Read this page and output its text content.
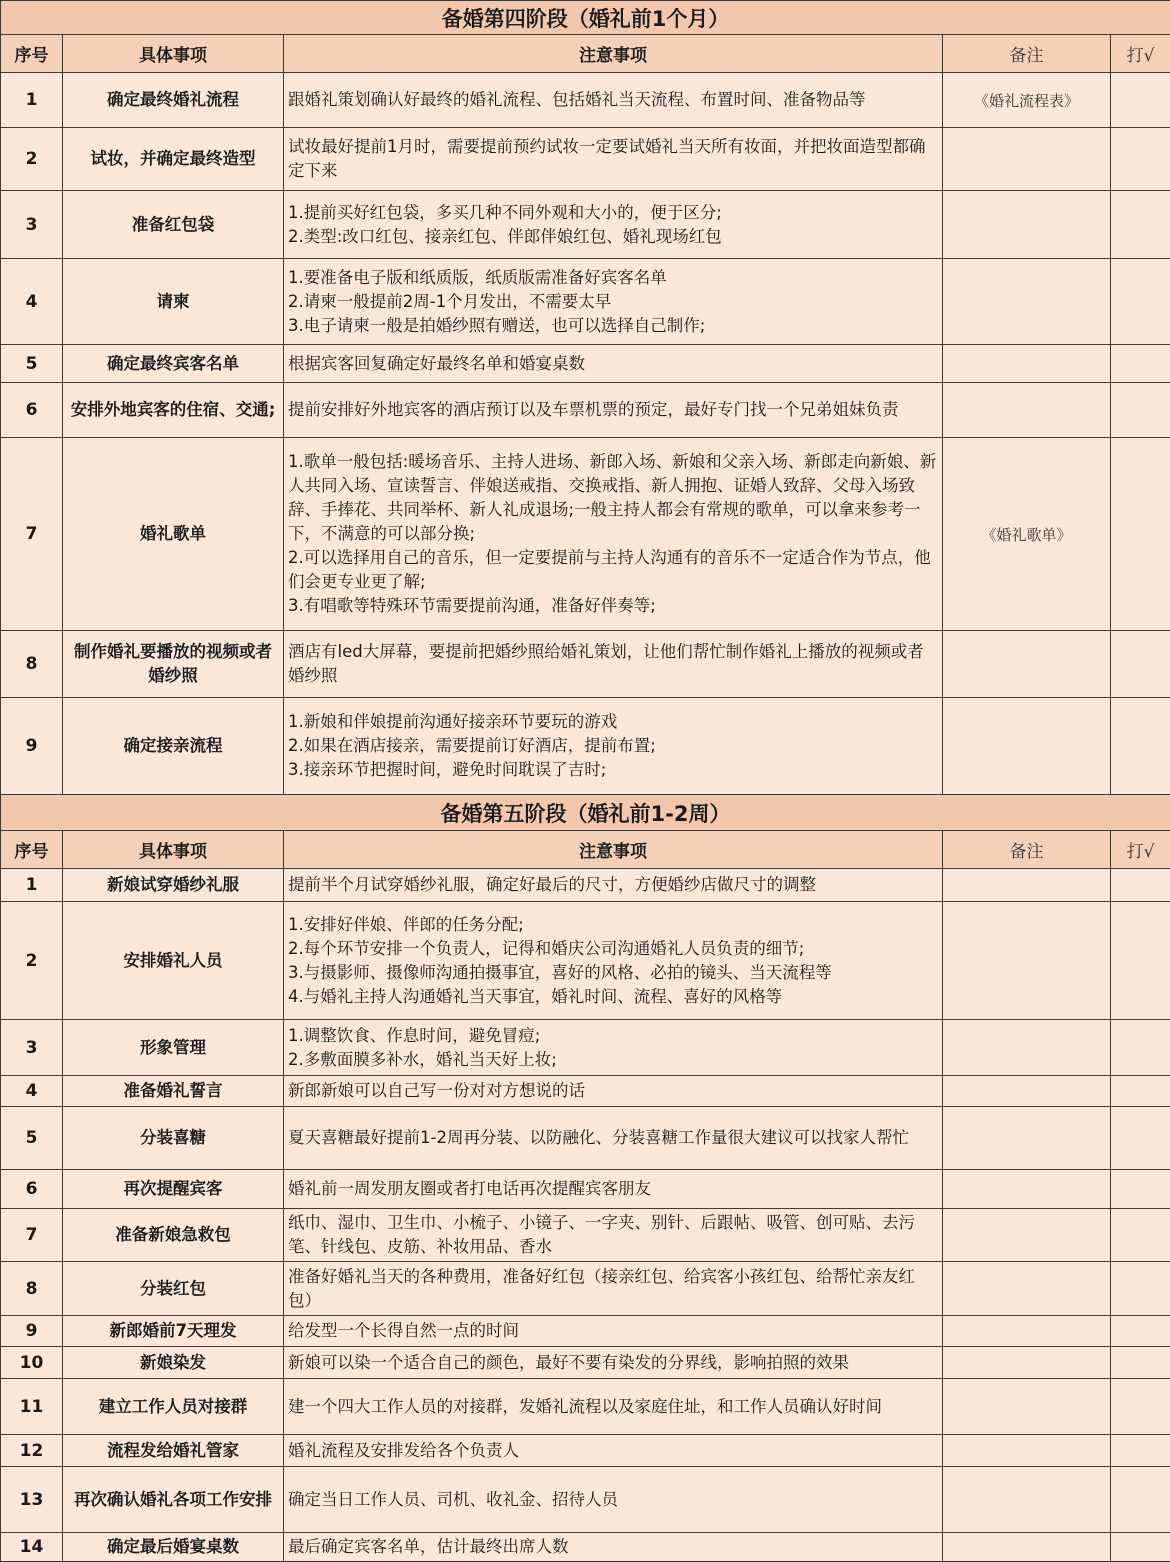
备婚第四阶段（婚礼前1个月）				
序号	具体事项	注意事项	备注	打√
1	确定最终婚礼流程	跟婚礼策划确认好最终的婚礼流程、包括婚礼当天流程、布置时间、准备物品等	《婚礼流程表》	
2	试妆，并确定最终造型	试妆最好提前1月时，需要提前预约试妆一定要试婚礼当天所有妆面，并把妆面造型都确定下来		
3	准备红包袋	1.提前买好红包袋，多买几种不同外观和大小的，便于区分;
2.类型:改口红包、接亲红包、伴郎伴娘红包、婚礼现场红包		
4	请柬	1.要准备电子版和纸质版，纸质版需准备好宾客名单
2.请柬一般提前2周-1个月发出，不需要太早
3.电子请柬一般是拍婚纱照有赠送，也可以选择自己制作;		
5	确定最终宾客名单	根据宾客回复确定好最终名单和婚宴桌数		
6	安排外地宾客的住宿、交通;	提前安排好外地宾客的酒店预订以及车票机票的预定，最好专门找一个兄弟姐妹负责		
7	婚礼歌单	1.歌单一般包括:暖场音乐、主持人进场、新郎入场、新娘和父亲入场、新郎走向新娘、新人共同入场、宣读誓言、伴娘送戒指、交换戒指、新人拥抱、证婚人致辞、父母入场致辞、手捧花、共同举杯、新人礼成退场;一般主持人都会有常规的歌单，可以拿来参考一下，不满意的可以部分换;
2.可以选择用自己的音乐，但一定要提前与主持人沟通有的音乐不一定适合作为节点，他们会更专业更了解;
3.有唱歌等特殊环节需要提前沟通，准备好伴奏等;	《婚礼歌单》	
8	制作婚礼要播放的视频或者婚纱照	酒店有led大屏幕，要提前把婚纱照给婚礼策划，让他们帮忙制作婚礼上播放的视频或者婚纱照		
9	确定接亲流程	1.新娘和伴娘提前沟通好接亲环节要玩的游戏
2.如果在酒店接亲，需要提前订好酒店，提前布置;
3.接亲环节把握时间，避免时间耽误了吉时;		
备婚第五阶段（婚礼前1-2周）				
序号	具体事项	注意事项	备注	打√
1	新娘试穿婚纱礼服	提前半个月试穿婚纱礼服，确定好最后的尺寸，方便婚纱店做尺寸的调整		
2	安排婚礼人员	1.安排好伴娘、伴郎的任务分配;
2.每个环节安排一个负责人，记得和婚庆公司沟通婚礼人员负责的细节;
3.与摄影师、摄像师沟通拍摄事宜，喜好的风格、必拍的镜头、当天流程等
4.与婚礼主持人沟通婚礼当天事宜，婚礼时间、流程、喜好的风格等		
3	形象管理	1.调整饮食、作息时间，避免冒痘;
2.多敷面膜多补水，婚礼当天好上妆;		
4	准备婚礼誓言	新郎新娘可以自己写一份对对方想说的话		
5	分装喜糖	夏天喜糖最好提前1-2周再分装、以防融化、分装喜糖工作量很大建议可以找家人帮忙		
6	再次提醒宾客	婚礼前一周发朋友圈或者打电话再次提醒宾客朋友		
7	准备新娘急救包	纸巾、湿巾、卫生巾、小梳子、小镜子、一字夹、别针、后跟帖、吸管、创可贴、去污笔、针线包、皮筋、补妆用品、香水		
8	分装红包	准备好婚礼当天的各种费用，准备好红包（接亲红包、给宾客小孩红包、给帮忙亲友红包）		
9	新郎婚前7天理发	给发型一个长得自然一点的时间		
10	新娘染发	新娘可以染一个适合自己的颜色，最好不要有染发的分界线，影响拍照的效果		
11	建立工作人员对接群	建一个四大工作人员的对接群，发婚礼流程以及家庭住址，和工作人员确认好时间		
12	流程发给婚礼管家	婚礼流程及安排发给各个负责人		
13	再次确认婚礼各项工作安排	确定当日工作人员、司机、收礼金、招待人员		
14	确定最后婚宴桌数	最后确定宾客名单，估计最终出席人数		
